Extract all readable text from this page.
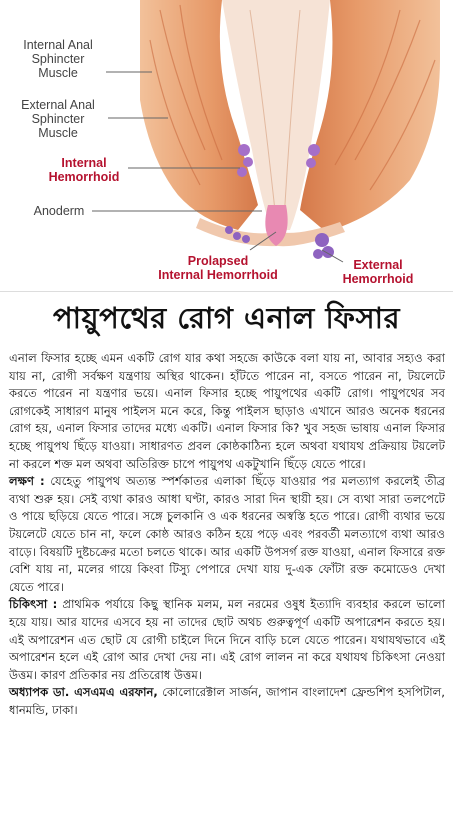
Internal Anal
Sphincter
Muscle
External Anal
Sphincter
Muscle
Internal
Hemorrhoid
Anoderm
Prolapsed
Internal Hemorrhoid
External
Hemorrhoid
পায়ুপথের রোগ এনাল ফিসার

এনাল ফিসার হচ্ছে এমন একটি রোগ যার কথা সহজে কাউকে বলা যায় না, আবার সহ্যও করা যায় না, রোগী সর্বক্ষণ যন্ত্রণায় অস্থির থাকেন। হাঁটতে পারেন না, বসতে পারেন না, টয়লেটে করতে পারেন না যন্ত্রণার ভয়ে। এনাল ফিসার হচ্ছে পায়ুপথের একটি রোগ। পায়ুপথের সব রোগকেই সাধারণ মানুষ পাইলস মনে করে, কিন্তু পাইলস ছাড়াও এখানে আরও অনেক ধরনের রোগ হয়, এনাল ফিসার তাদের মধ্যে একটি। এনাল ফিসার কি? খুব সহজ ভাষায় এনাল ফিসার হচ্ছে পায়ুপথ ছিঁড়ে যাওয়া। সাধারণত প্রবল কোষ্ঠকাঠিন্য হলে অথবা যথাযথ প্রক্রিয়ায় টয়লেট না করলে শক্ত মল অথবা অতিরিক্ত চাপে পায়ুপথ একটুখানি ছিঁড়ে যেতে পারে।

লক্ষণ : যেহেতু পায়ুপথ অত্যন্ত স্পর্শকাতর এলাকা ছিঁড়ে যাওয়ার পর মলত্যাগ করলেই তীব্র ব্যথা শুরু হয়। সেই ব্যথা কারও আধা ঘণ্টা, কারও সারা দিন স্থায়ী হয়। সে ব্যথা সারা তলপেটে ও পায়ে ছড়িয়ে যেতে পারে। সঙ্গে চুলকানি ও এক ধরনের অস্বস্তি হতে পারে। রোগী ব্যথার ভয়ে টয়লেটে যেতে চান না, ফলে কোষ্ঠ আরও কঠিন হয়ে পড়ে এবং পরবর্তী মলত্যাগে ব্যথা আরও বাড়ে। বিষয়টি দুষ্টচক্রের মতো চলতে থাকে। আর একটি উপসর্গ রক্ত যাওয়া, এনাল ফিসারে রক্ত বেশি যায় না, মলের গায়ে কিংবা টিস্যু পেপারে দেখা যায় দু-এক ফোঁটা রক্ত কমোডেও দেখা যেতে পারে।

চিকিৎসা : প্রাথমিক পর্যায়ে কিছু স্থানিক মলম, মল নরমের ওষুধ ইত্যাদি ব্যবহার করলে ভালো হয়ে যায়। আর যাদের এসবে হয় না তাদের ছোট অথচ গুরুত্বপূর্ণ একটি অপারেশন করতে হয়। এই অপারেশন এত ছোট যে রোগী চাইলে দিনে দিনে বাড়ি চলে যেতে পারেন। যথাযথভাবে এই অপারেশন হলে এই রোগ আর দেখা দেয় না। এই রোগ লালন না করে যথাযথ চিকিৎসা নেওয়া উত্তম। কারণ প্রতিকার নয় প্রতিরোধ উত্তম।

অধ্যাপক ডা. এসএমএ এরফান, কোলোরেক্টাল সার্জন, জাপান বাংলাদেশ ফ্রেন্ডশিপ হসপিটাল, ধানমন্ডি, ঢাকা।
